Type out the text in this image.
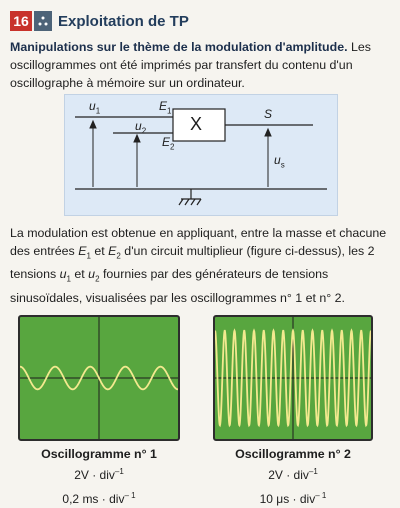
16 Exploitation de TP
Manipulations sur le thème de la modulation d'amplitude. Les oscillogrammes ont été imprimés par transfert du contenu d'un oscillographe à mémoire sur un ordinateur.
$u_1$	$E_1$
$u_2$
$E_2$
X	S
$u_s$
La modulation est obtenue en appliquant, entre la masse et chacune des entrées $E_1$ et $E_2$ d'un circuit multiplieur (figure ci-dessus), les 2 tensions $u_1$ et $u_2$ fournies par des générateurs de tensions sinusoïdales, visualisées par les oscillogrammes n° 1 et n° 2.
Oscillogramme n° 1
2V · div$^{-1}$
0,2 ms · div$^{- 1}$
Oscillogramme n° 2
2V · div$^{-1}$
10 μs · div$^{- 1}$
